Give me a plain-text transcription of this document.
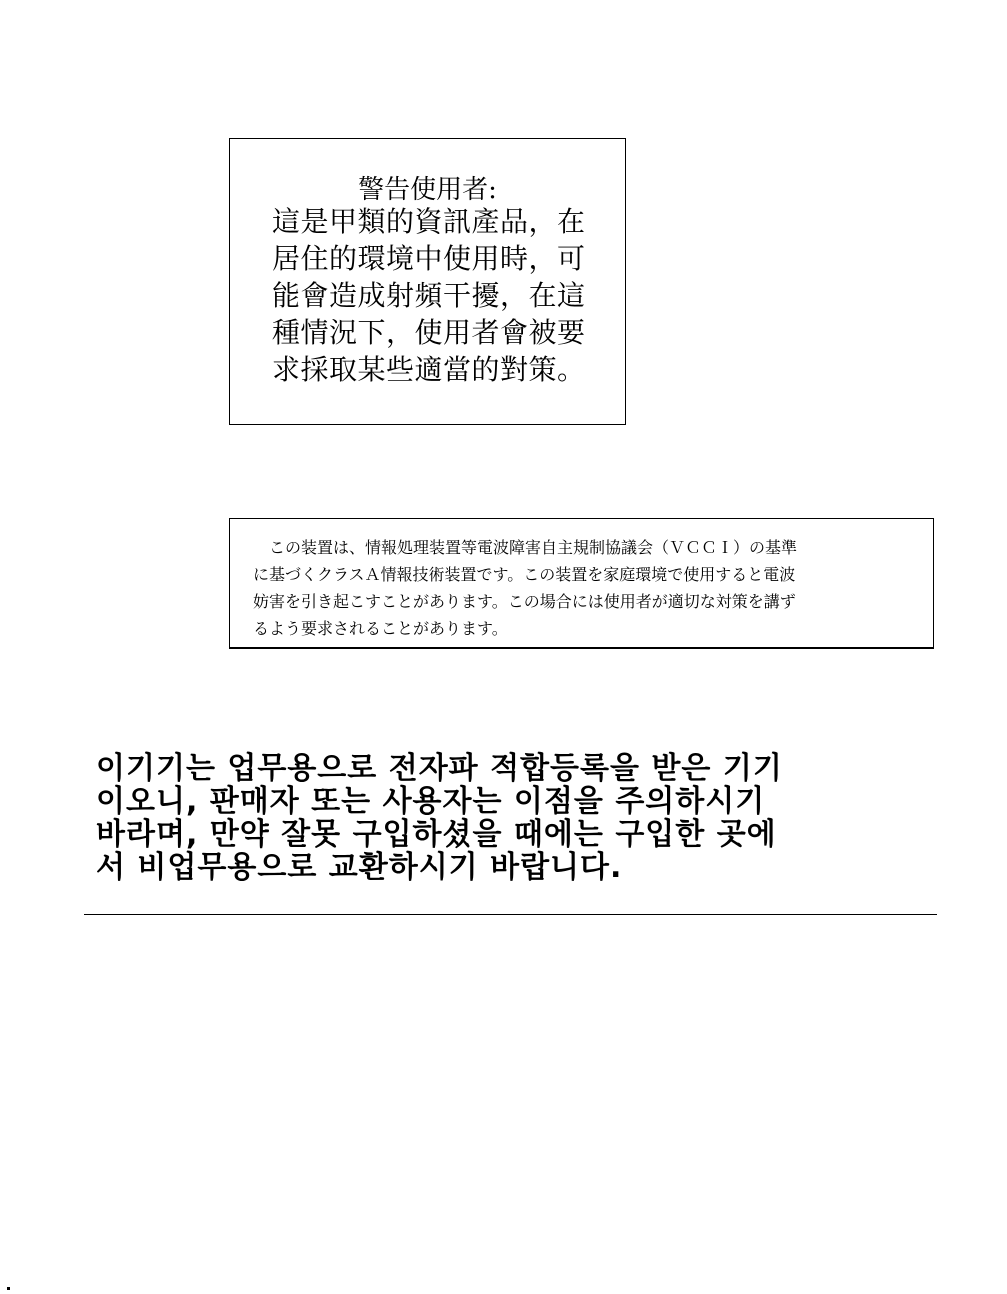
警告使用者:
這是甲類的資訊產品，在
居住的環境中使用時，可
能會造成射頻干擾，在這
種情況下，使用者會被要
求採取某些適當的對策。
　この装置は、情報処理装置等電波障害自主規制協議会（ＶＣＣＩ）の基準
に基づくクラスＡ情報技術装置です。この装置を家庭環境で使用すると電波
妨害を引き起こすことがあります。この場合には使用者が適切な対策を講ず
るよう要求されることがあります。
이기기는 업무용으로 전자파 적합등록을 받은 기기
이오니, 판매자 또는 사용자는 이점을 주의하시기
바라며, 만약 잘못 구입하셨을 때에는 구입한 곳에
서 비업무용으로 교환하시기 바랍니다.
